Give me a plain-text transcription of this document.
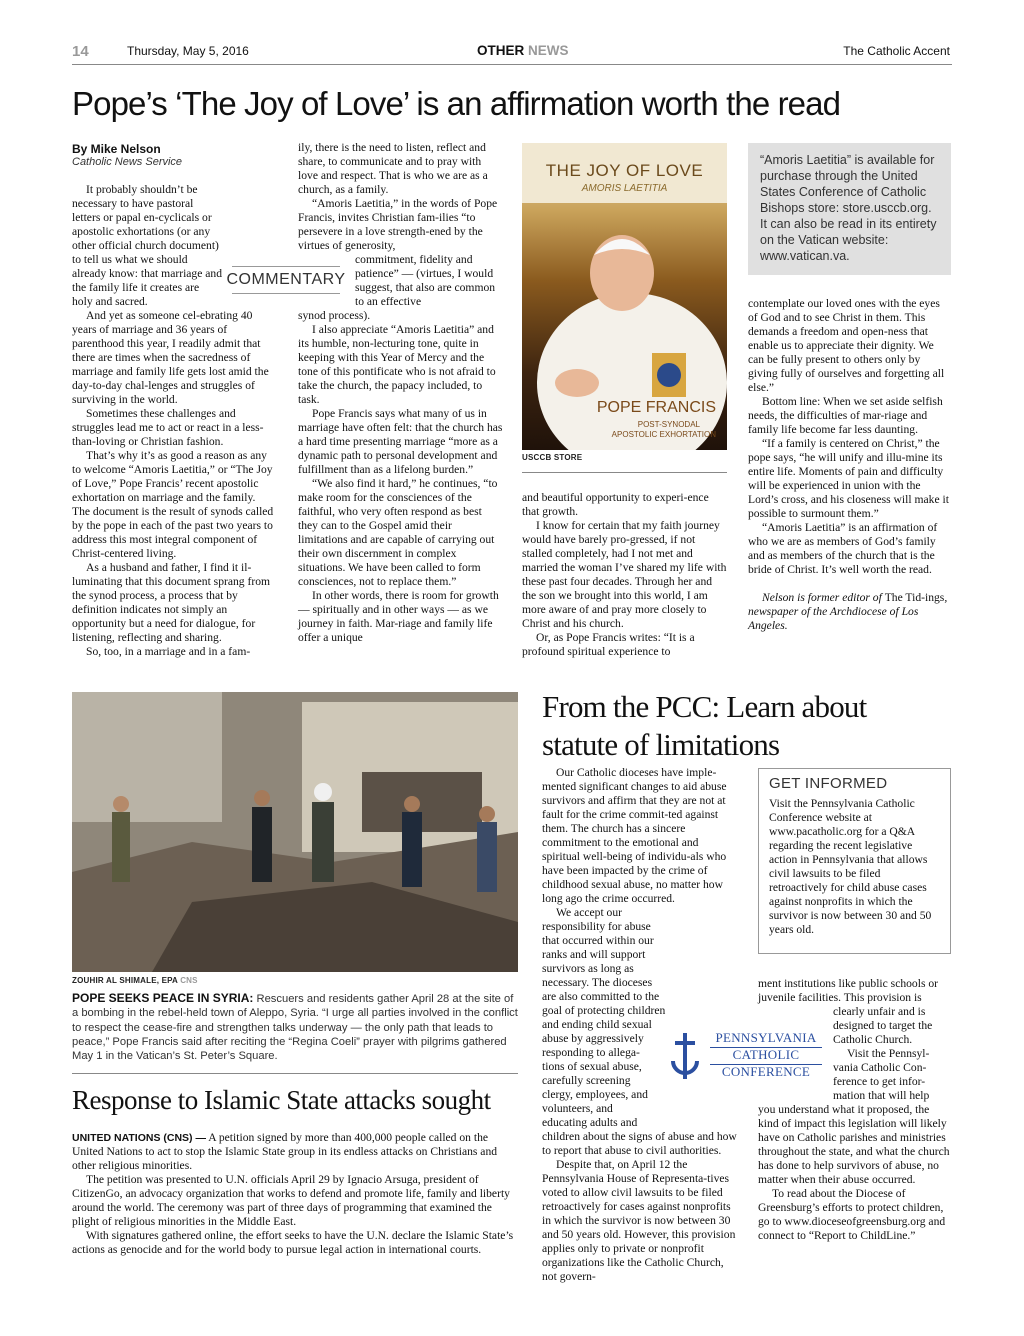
14	Thursday, May 5, 2016	OTHER NEWS	The Catholic Accent
Pope’s ‘The Joy of Love’ is an affirmation worth the read
By Mike Nelson
Catholic News Service

It probably shouldn’t be necessary to have pastoral letters or papal en-cyclicals or apostolic exhortations (or any other official church document) to tell us what we should already know: that marriage and the family life it creates are holy and sacred.

And yet as someone cel-ebrating 40 years of marriage and 36 years of parenthood this year, I readily admit that there are times when the sacredness of marriage and family life gets lost amid the day-to-day chal-lenges and struggles of surviving in the world.

Sometimes these challenges and struggles lead me to act or react in a less-than-loving or Christian fashion.

That’s why it’s as good a reason as any to welcome “Amoris Laetitia,” or “The Joy of Love,” Pope Francis’ recent apostolic exhortation on marriage and the family. The document is the result of synods called by the pope in each of the past two years to address this most integral component of Christ-centered living.

As a husband and father, I find it il-luminating that this document sprang from the synod process, a process that by definition indicates not simply an opportunity but a need for dialogue, for listening, reflecting and sharing.

So, too, in a marriage and in a fam-

COMMENTARY

ily, there is the need to listen, reflect and share, to communicate and to pray with love and respect. That is who we are as a church, as a family.

“Amoris Laetitia,” in the words of Pope Francis, invites Christian fam-ilies “to persevere in a love strength-ened by the virtues of generosity,

commitment, fidelity and patience” — (virtues, I would suggest, that also are common to an effective

synod process).

I also appreciate “Amoris Laetitia” and its humble, non-lecturing tone, quite in keeping with this Year of Mercy and the tone of this pontificate who is not afraid to take the church, the papacy included, to task.

Pope Francis says what many of us in marriage have often felt: that the church has a hard time presenting marriage “more as a dynamic path to personal development and fulfillment than as a lifelong burden.”

“We also find it hard,” he continues, “to make room for the consciences of the faithful, who very often respond as best they can to the Gospel amid their limitations and are capable of carrying out their own discernment in complex situations. We have been called to form consciences, not to replace them.”

In other words, there is room for growth — spiritually and in other ways — as we journey in faith. Mar-riage and family life offer a unique

THE JOY OF LOVE
AMORIS LAETITIA
POPE FRANCIS
POST-SYNODAL
APOSTOLIC EXHORTATION
USCCB STORE
“Amoris Laetitia” is available for purchase through the United States Conference of Catholic Bishops store: store.usccb.org. It can also be read in its entirety on the Vatican website: www.vatican.va.

and beautiful opportunity to experi-ence that growth.

I know for certain that my faith journey would have barely pro-gressed, if not stalled completely, had I not met and married the woman I’ve shared my life with these past four decades. Through her and the son we brought into this world, I am more aware of and pray more closely to Christ and his church.

Or, as Pope Francis writes: “It is a profound spiritual experience to

contemplate our loved ones with the eyes of God and to see Christ in them. This demands a freedom and open-ness that enable us to appreciate their dignity. We can be fully present to others only by giving fully of ourselves and forgetting all else.”

Bottom line: When we set aside selfish needs, the difficulties of mar-riage and family life become far less daunting.

“If a family is centered on Christ,” the pope says, “he will unify and illu-mine its entire life. Moments of pain and difficulty will be experienced in union with the Lord’s cross, and his closeness will make it possible to surmount them.”

“Amoris Laetitia” is an affirmation of who we are as members of God’s family and as members of the church that is the bride of Christ. It’s well worth the read.

Nelson is former editor of The Tid-ings, newspaper of the Archdiocese of Los Angeles.

ZOUHIR AL SHIMALE, EPA CNS
POPE SEEKS PEACE IN SYRIA: Rescuers and residents gather April 28 at the site of a bombing in the rebel-held town of Aleppo, Syria. “I urge all parties involved in the conflict to respect the cease-fire and strengthen talks underway — the only path that leads to peace,” Pope Francis said after reciting the “Regina Coeli” prayer with pilgrims gathered May 1 in the Vatican’s St. Peter’s Square.
Response to Islamic State attacks sought

UNITED NATIONS (CNS) — A petition signed by more than 400,000 people called on the United Nations to act to stop the Islamic State group in its endless attacks on Christians and other religious minorities.

The petition was presented to U.N. officials April 29 by Ignacio Arsuga, president of CitizenGo, an advocacy organization that works to defend and promote life, family and liberty around the world. The ceremony was part of three days of programming that examined the plight of religious minorities in the Middle East.

With signatures gathered online, the effort seeks to have the U.N. declare the Islamic State’s actions as genocide and for the world body to pursue legal action in international courts.

From the PCC: Learn about
statute of limitations

Our Catholic dioceses have imple-mented significant changes to aid abuse survivors and affirm that they are not at fault for the crime commit-ted against them. The church has a sincere commitment to the emotional and spiritual well-being of individu-als who have been impacted by the crime of childhood sexual abuse, no matter how long ago the crime occurred.

We accept our responsibility for abuse that occurred within our ranks and will support survivors as long as necessary. The dioceses are also committed to the goal of protecting children and ending child sexual abuse by aggressively

responding to allega-tions of sexual abuse, carefully screening clergy, employees, and volunteers, and educating adults and

children about the signs of abuse and how to report that abuse to civil authorities.

Despite that, on April 12 the Pennsylvania House of Representa-tives voted to allow civil lawsuits to be filed retroactively for cases against nonprofits in which the survivor is now between 30 and 50 years old. However, this provision applies only to private or nonprofit organizations like the Catholic Church, not govern-

GET INFORMED
Visit the Pennsylvania Catholic Conference website at www.pacatholic.org for a Q&A regarding the recent legislative action in Pennsylvania that allows civil lawsuits to be filed retroactively for child abuse cases against nonprofits in which the survivor is now between 30 and 50 years old.
PENNSYLVANIA
CATHOLIC
CONFERENCE

ment institutions like public schools or juvenile facilities. This provision is

clearly unfair and is designed to target the Catholic Church.

Visit the Pennsyl-vania Catholic Con-ference to get infor-mation that will help

you understand what it proposed, the kind of impact this legislation will likely have on Catholic parishes and ministries throughout the state, and what the church has done to help survivors of abuse, no matter when their abuse occurred.

To read about the Diocese of Greensburg’s efforts to protect children, go to www.dioceseofgreensburg.org and connect to “Report to ChildLine.”
